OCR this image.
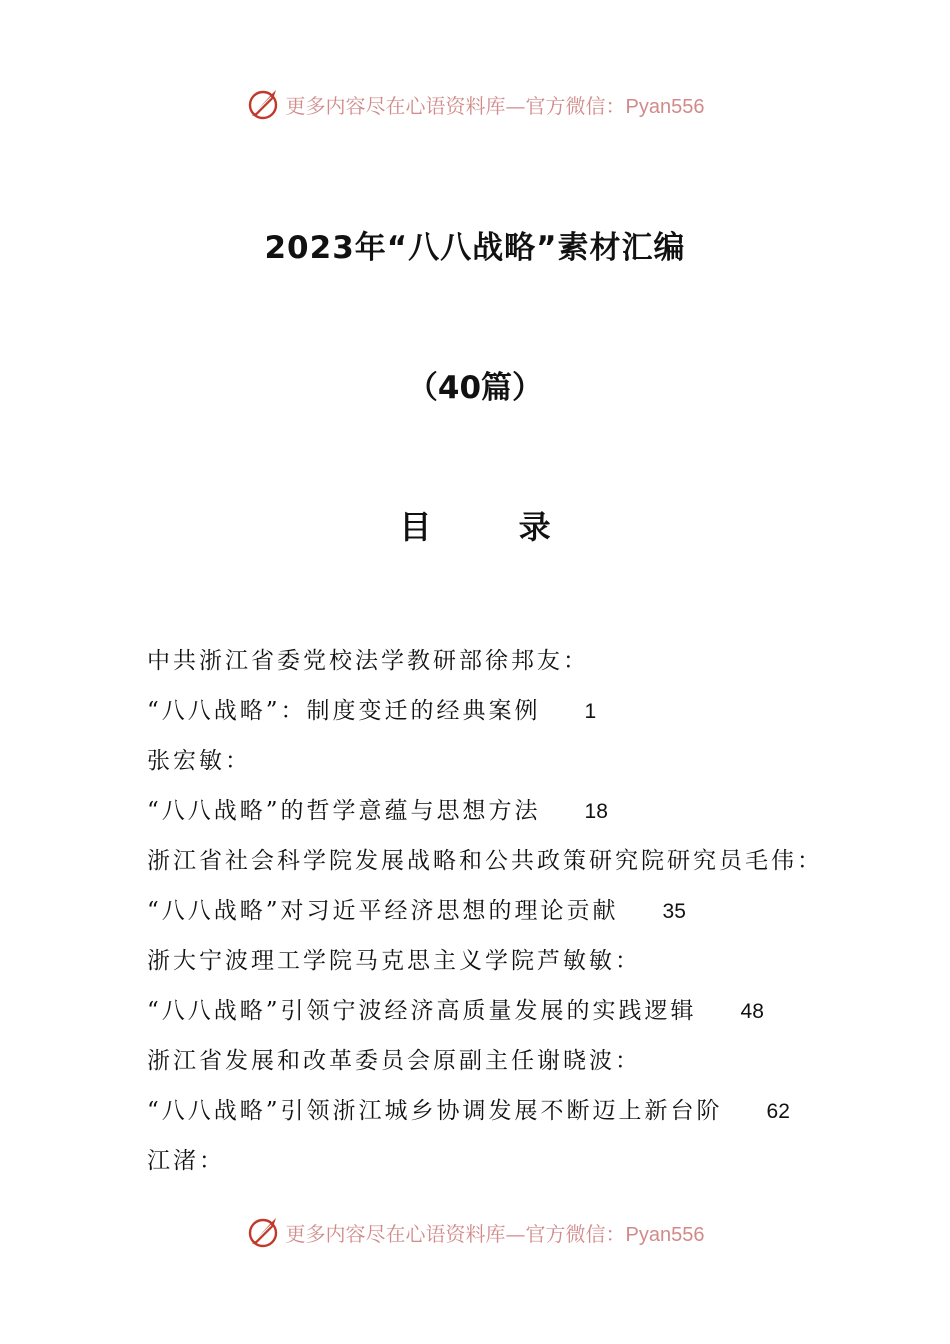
更多内容尽在心语资料库—官方微信：Pyan556
2023年“八八战略”素材汇编
（40篇）
目 录
中共浙江省委党校法学教研部徐邦友：
“八八战略”：制度变迁的经典案例 1
张宏敏：
“八八战略”的哲学意蕴与思想方法 18
浙江省社会科学院发展战略和公共政策研究院研究员毛伟：
“八八战略”对习近平经济思想的理论贡献 35
浙大宁波理工学院马克思主义学院芦敏敏：
“八八战略”引领宁波经济高质量发展的实践逻辑 48
浙江省发展和改革委员会原副主任谢晓波：
“八八战略”引领浙江城乡协调发展不断迈上新台阶 62
江渚：
更多内容尽在心语资料库—官方微信：Pyan556
